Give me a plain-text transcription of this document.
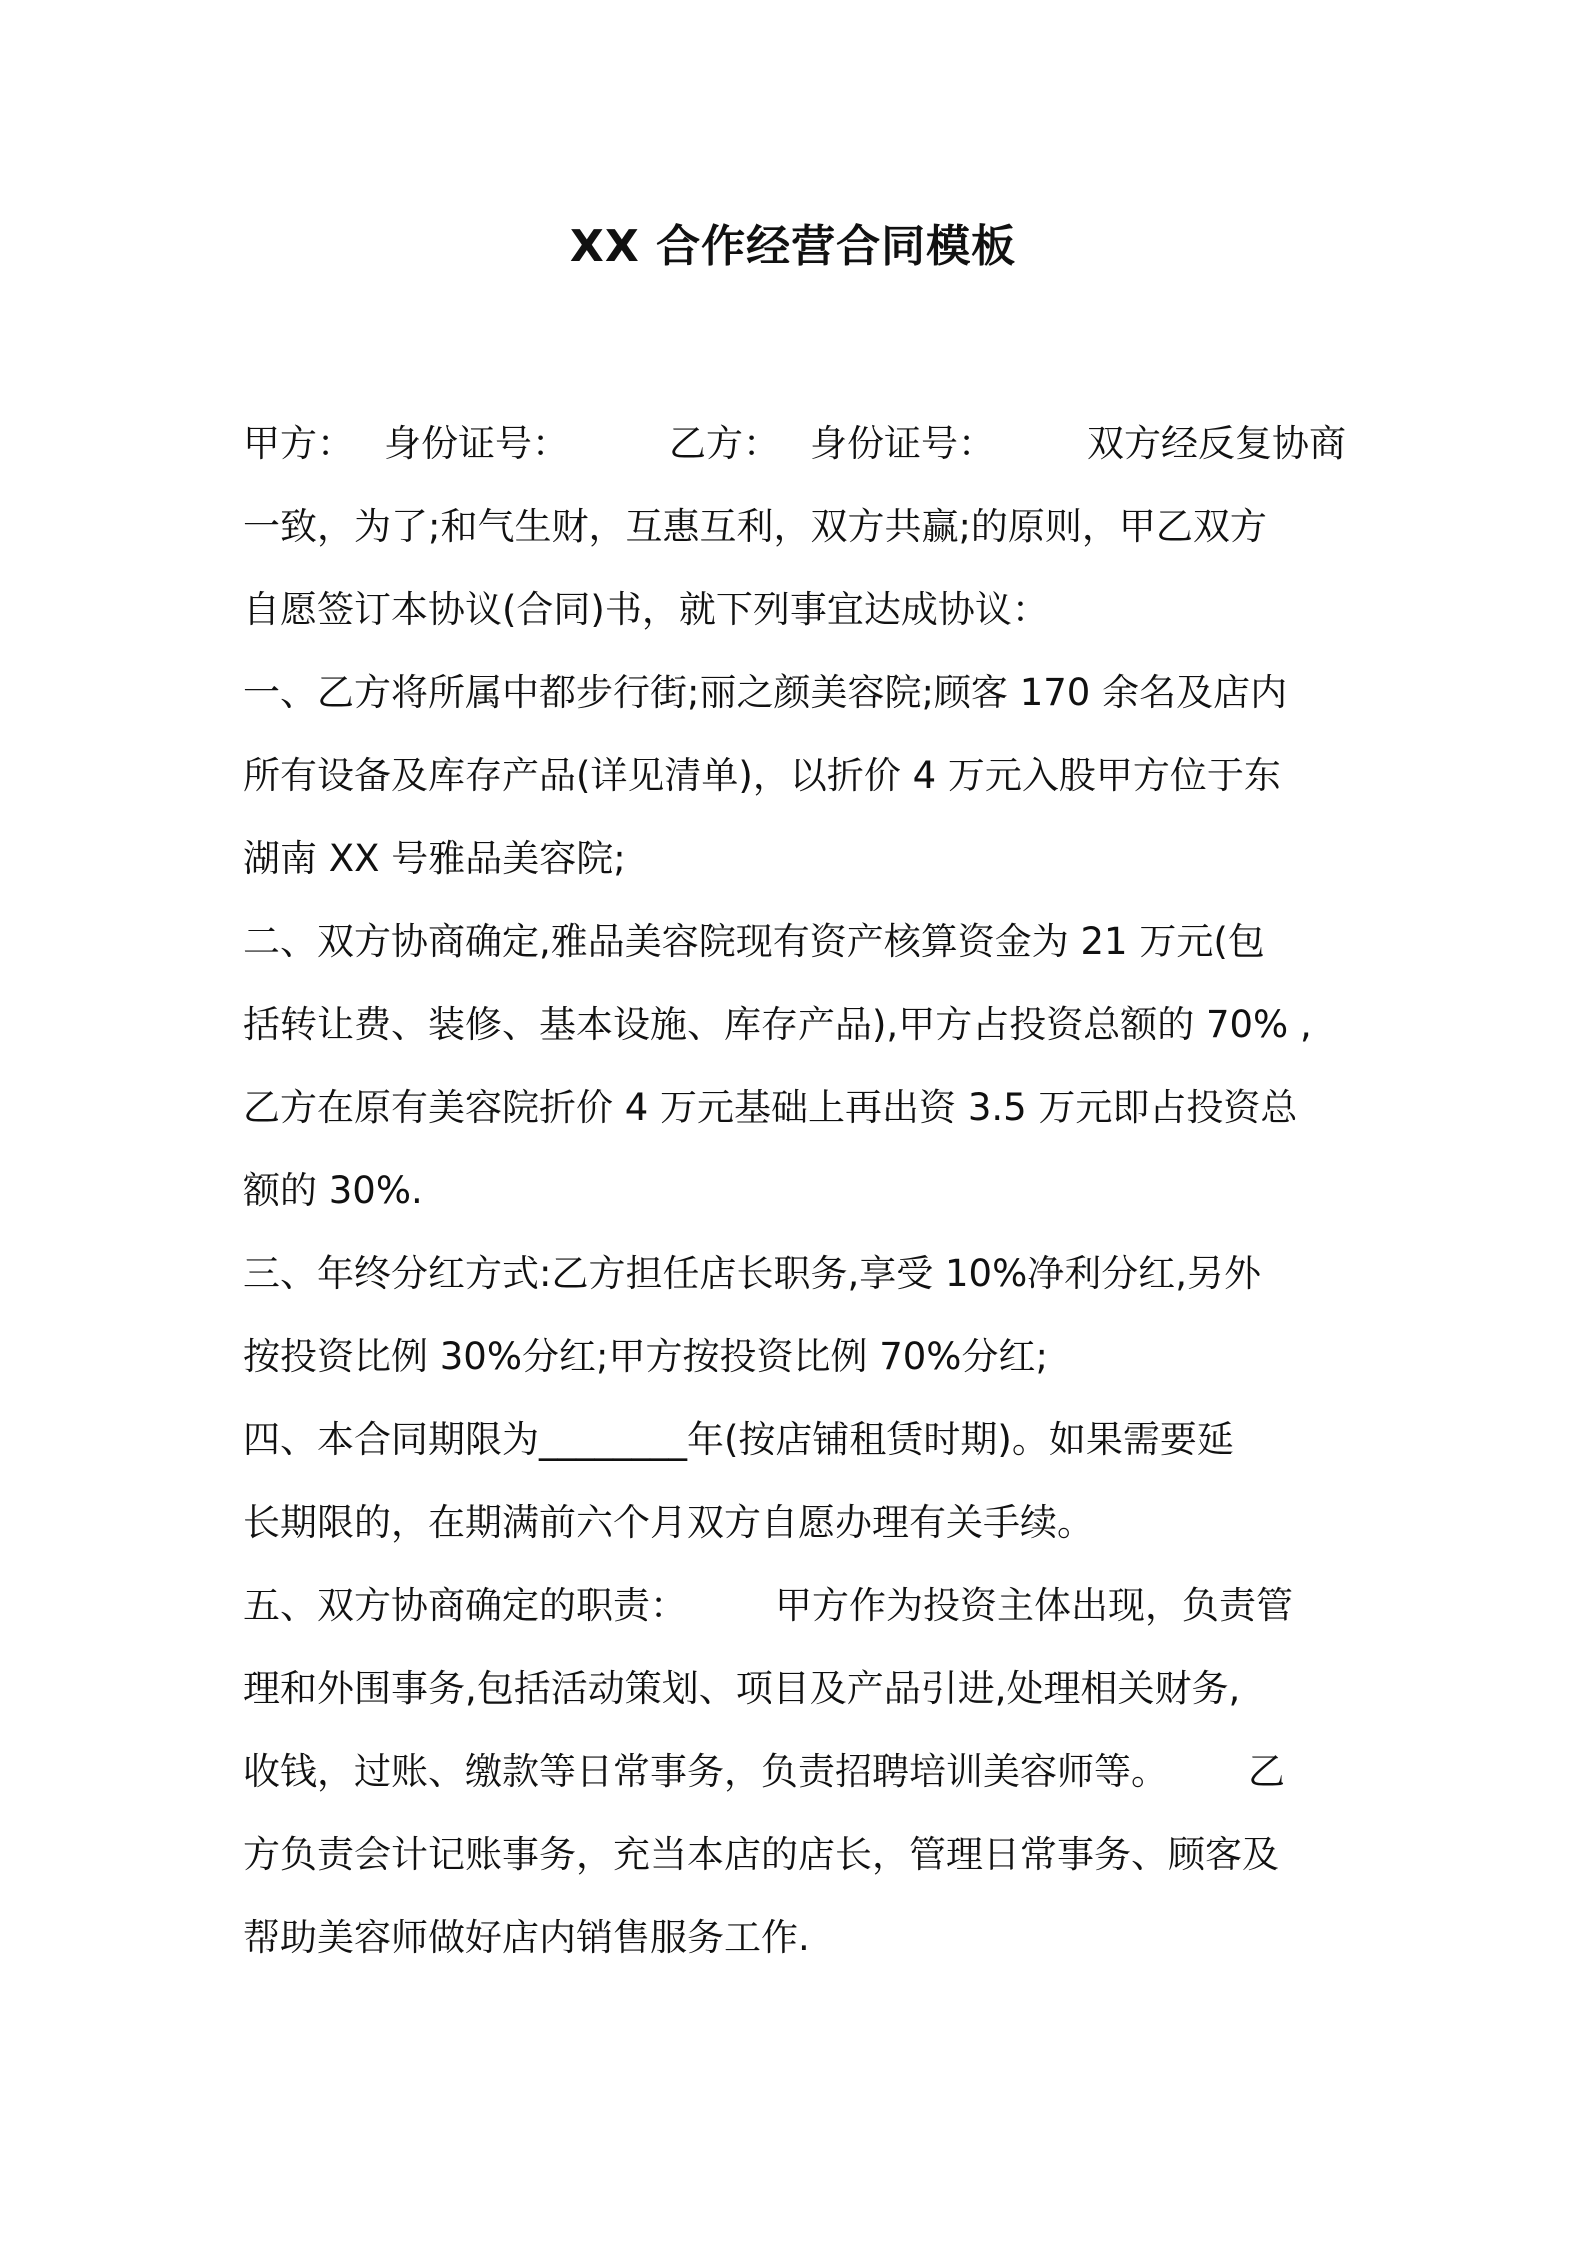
XX 合作经营合同模板
甲方： 身份证号：	乙方： 身份证号： 双方经反复协商
一致，为了;和气生财，互惠互利，双方共赢;的原则，甲乙双方
自愿签订本协议(合同)书，就下列事宜达成协议：
一、乙方将所属中都步行街;丽之颜美容院;顾客 170 余名及店内
所有设备及库存产品(详见清单)，以折价 4 万元入股甲方位于东
湖南 XX 号雅品美容院;
二、双方协商确定,雅品美容院现有资产核算资金为 21 万元(包
括转让费、装修、基本设施、库存产品),甲方占投资总额的 70% ,
乙方在原有美容院折价 4 万元基础上再出资 3.5 万元即占投资总
额的 30%.
三、年终分红方式:乙方担任店长职务,享受 10%净利分红,另外
按投资比例 30%分红;甲方按投资比例 70%分红;
四、本合同期限为________年(按店铺租赁时期)。如果需要延
长期限的，在期满前六个月双方自愿办理有关手续。
五、双方协商确定的职责： 甲方作为投资主体出现，负责管
理和外围事务,包括活动策划、项目及产品引进,处理相关财务,
收钱，过账、缴款等日常事务，负责招聘培训美容师等。 乙
方负责会计记账事务，充当本店的店长，管理日常事务、顾客及
帮助美容师做好店内销售服务工作.
